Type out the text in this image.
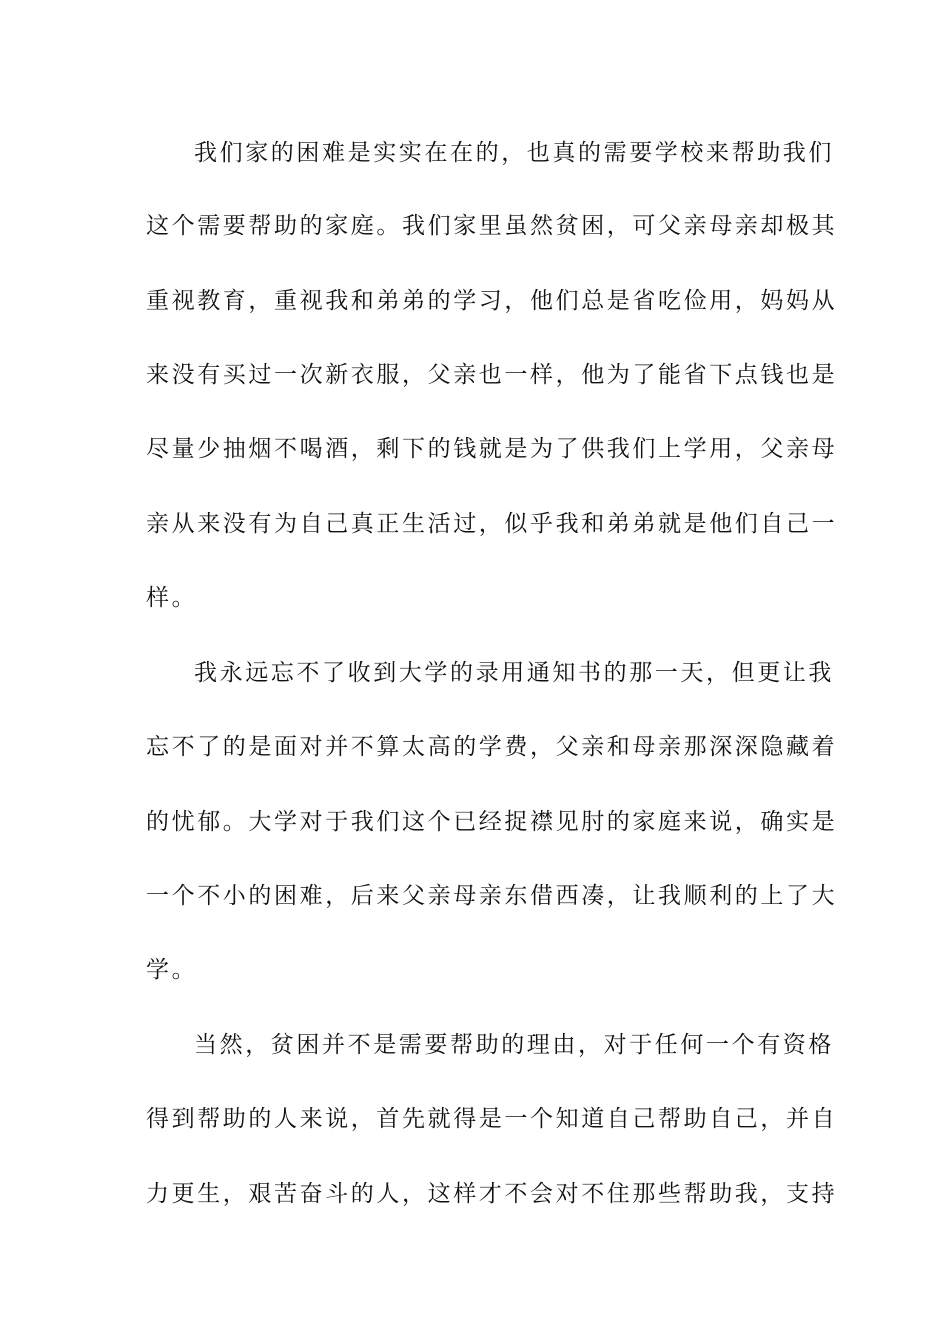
我们家的困难是实实在在的，也真的需要学校来帮助我们
这个需要帮助的家庭。我们家里虽然贫困，可父亲母亲却极其
重视教育，重视我和弟弟的学习，他们总是省吃俭用，妈妈从
来没有买过一次新衣服，父亲也一样，他为了能省下点钱也是
尽量少抽烟不喝酒，剩下的钱就是为了供我们上学用，父亲母
亲从来没有为自己真正生活过，似乎我和弟弟就是他们自己一
样。
我永远忘不了收到大学的录用通知书的那一天，但更让我
忘不了的是面对并不算太高的学费，父亲和母亲那深深隐藏着
的忧郁。大学对于我们这个已经捉襟见肘的家庭来说，确实是
一个不小的困难，后来父亲母亲东借西凑，让我顺利的上了大
学。
当然，贫困并不是需要帮助的理由，对于任何一个有资格
得到帮助的人来说，首先就得是一个知道自己帮助自己，并自
力更生，艰苦奋斗的人，这样才不会对不住那些帮助我，支持
